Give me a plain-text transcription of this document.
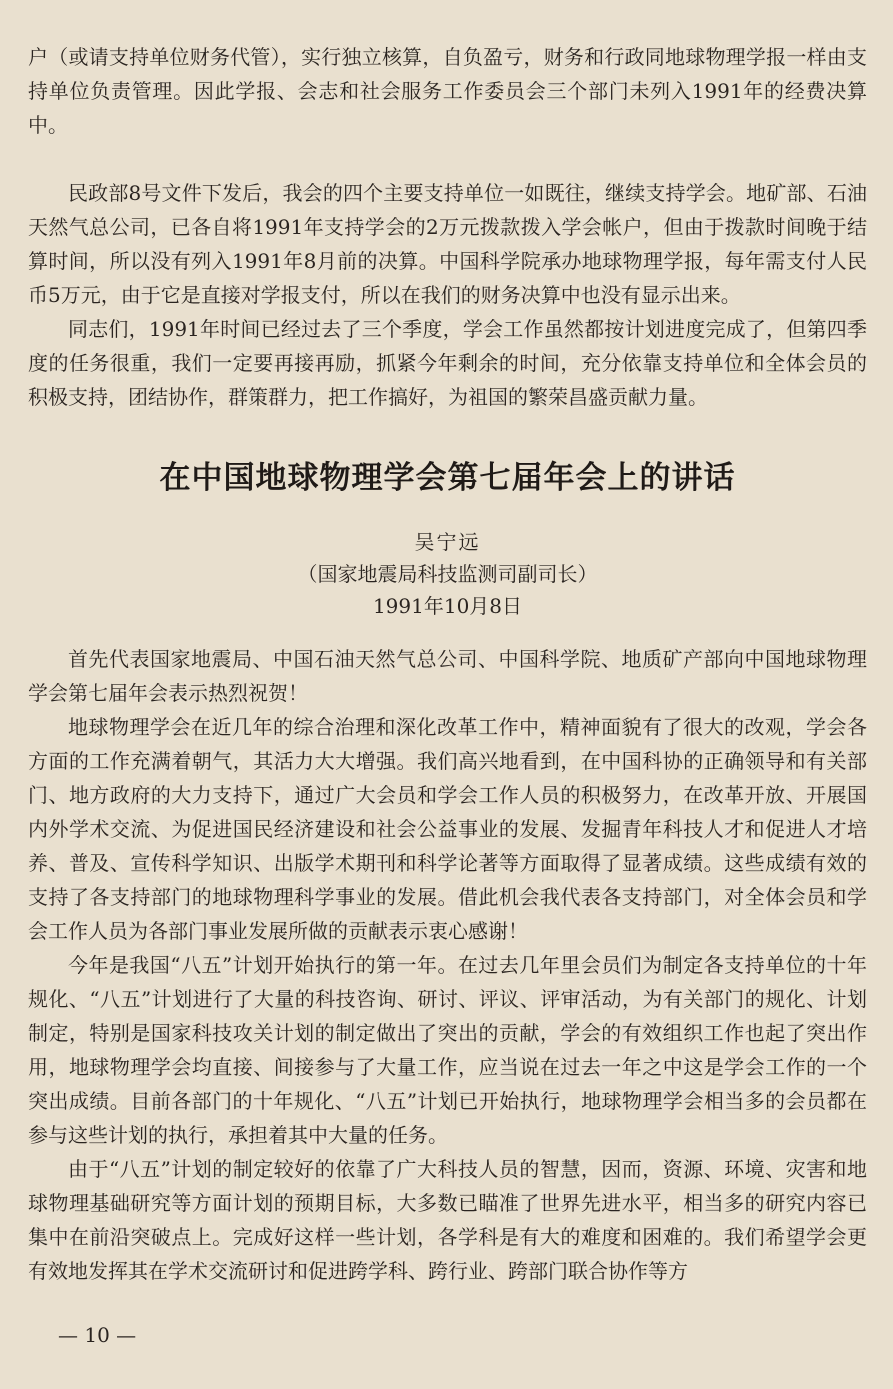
户（或请支持单位财务代管），实行独立核算，自负盈亏，财务和行政同地球物理学报一样由支持单位负责管理。因此学报、会志和社会服务工作委员会三个部门未列入1991年的经费决算中。

民政部8号文件下发后，我会的四个主要支持单位一如既往，继续支持学会。地矿部、石油天然气总公司，已各自将1991年支持学会的2万元拨款拨入学会帐户，但由于拨款时间晚于结算时间，所以没有列入1991年8月前的决算。中国科学院承办地球物理学报，每年需支付人民币5万元，由于它是直接对学报支付，所以在我们的财务决算中也没有显示出来。

同志们，1991年时间已经过去了三个季度，学会工作虽然都按计划进度完成了，但第四季度的任务很重，我们一定要再接再励，抓紧今年剩余的时间，充分依靠支持单位和全体会员的积极支持，团结协作，群策群力，把工作搞好，为祖国的繁荣昌盛贡献力量。

在中国地球物理学会第七届年会上的讲话

吴宁远

（国家地震局科技监测司副司长）

1991年10月8日

首先代表国家地震局、中国石油天然气总公司、中国科学院、地质矿产部向中国地球物理学会第七届年会表示热烈祝贺！

地球物理学会在近几年的综合治理和深化改革工作中，精神面貌有了很大的改观，学会各方面的工作充满着朝气，其活力大大增强。我们高兴地看到，在中国科协的正确领导和有关部门、地方政府的大力支持下，通过广大会员和学会工作人员的积极努力，在改革开放、开展国内外学术交流、为促进国民经济建设和社会公益事业的发展、发掘青年科技人才和促进人才培养、普及、宣传科学知识、出版学术期刊和科学论著等方面取得了显著成绩。这些成绩有效的支持了各支持部门的地球物理科学事业的发展。借此机会我代表各支持部门，对全体会员和学会工作人员为各部门事业发展所做的贡献表示衷心感谢！

今年是我国“八五”计划开始执行的第一年。在过去几年里会员们为制定各支持单位的十年规化、“八五”计划进行了大量的科技咨询、研讨、评议、评审活动，为有关部门的规化、计划制定，特别是国家科技攻关计划的制定做出了突出的贡献，学会的有效组织工作也起了突出作用，地球物理学会均直接、间接参与了大量工作，应当说在过去一年之中这是学会工作的一个突出成绩。目前各部门的十年规化、“八五”计划已开始执行，地球物理学会相当多的会员都在参与这些计划的执行，承担着其中大量的任务。

由于“八五”计划的制定较好的依靠了广大科技人员的智慧，因而，资源、环境、灾害和地球物理基础研究等方面计划的预期目标，大多数已瞄准了世界先进水平，相当多的研究内容已集中在前沿突破点上。完成好这样一些计划，各学科是有大的难度和困难的。我们希望学会更有效地发挥其在学术交流研讨和促进跨学科、跨行业、跨部门联合协作等方

— 10 —
